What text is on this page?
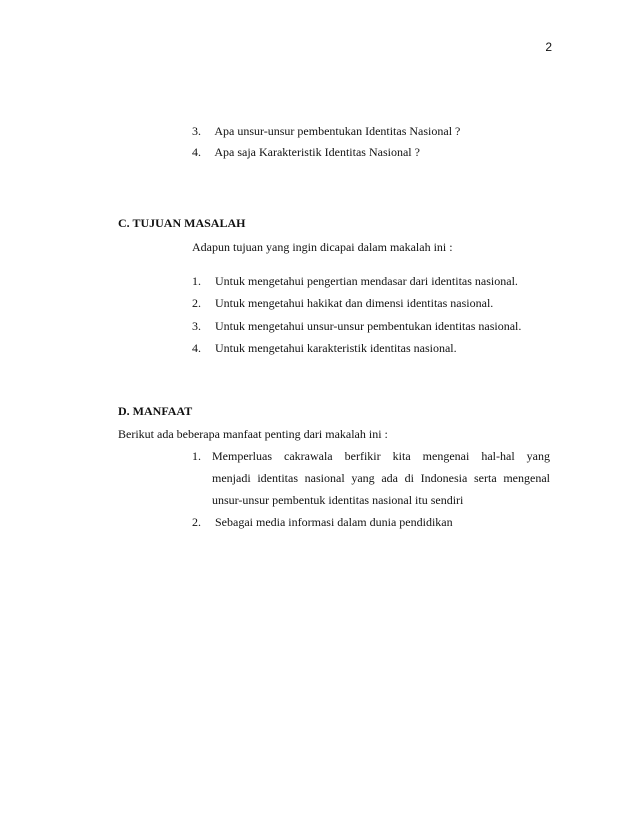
2
3. Apa unsur-unsur pembentukan Identitas Nasional ?
4. Apa saja Karakteristik Identitas Nasional ?
C. TUJUAN MASALAH
Adapun tujuan yang ingin dicapai dalam makalah ini :
1. Untuk mengetahui pengertian mendasar dari identitas nasional.
2. Untuk mengetahui hakikat dan dimensi identitas nasional.
3. Untuk mengetahui unsur-unsur pembentukan identitas nasional.
4. Untuk mengetahui karakteristik identitas nasional.
D. MANFAAT
Berikut ada beberapa manfaat penting dari makalah ini :
1. Memperluas cakrawala berfikir kita mengenai hal-hal yang
menjadi identitas nasional yang ada di Indonesia serta mengenal
unsur-unsur pembentuk identitas nasional itu sendiri
2. Sebagai media informasi dalam dunia pendidikan
